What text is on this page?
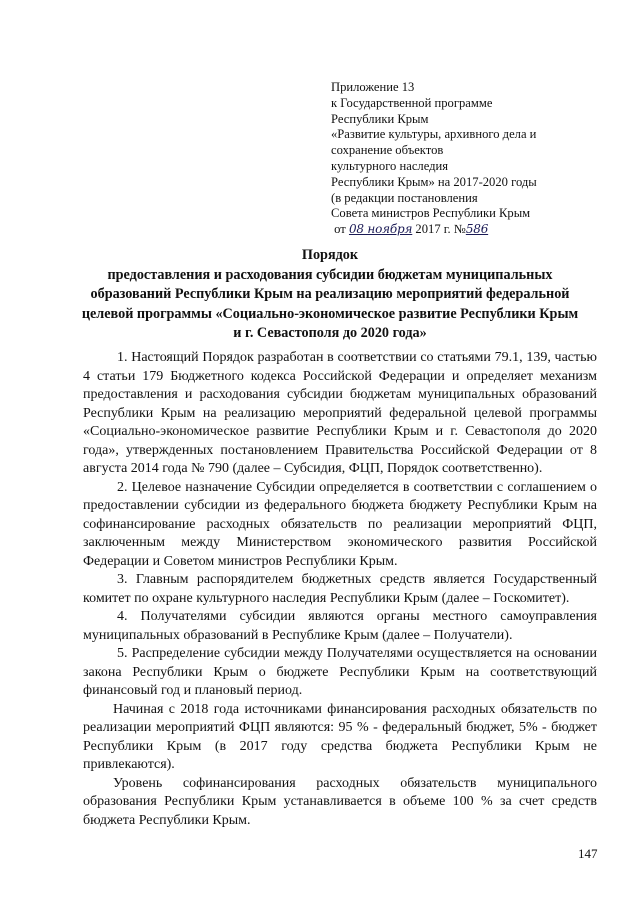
Приложение 13
к Государственной программе
Республики Крым
«Развитие культуры, архивного дела и
сохранение объектов
культурного наследия
Республики Крым» на 2017-2020 годы
(в редакции постановления
Совета министров Республики Крым
от 08 ноября 2017 г. №586
Порядок
предоставления и расходования субсидии бюджетам муниципальных образований Республики Крым на реализацию мероприятий федеральной целевой программы «Социально-экономическое развитие Республики Крым и г. Севастополя до 2020 года»

1. Настоящий Порядок разработан в соответствии со статьями 79.1, 139, частью 4 статьи 179 Бюджетного кодекса Российской Федерации и определяет механизм предоставления и расходования субсидии бюджетам муниципальных образований Республики Крым на реализацию мероприятий федеральной целевой программы «Социально-экономическое развитие Республики Крым и г. Севастополя до 2020 года», утвержденных постановлением Правительства Российской Федерации от 8 августа 2014 года № 790 (далее – Субсидия, ФЦП, Порядок соответственно).

2. Целевое назначение Субсидии определяется в соответствии с соглашением о предоставлении субсидии из федерального бюджета бюджету Республики Крым на софинансирование расходных обязательств по реализации мероприятий ФЦП, заключенным между Министерством экономического развития Российской Федерации и Советом министров Республики Крым.

3. Главным распорядителем бюджетных средств является Государственный комитет по охране культурного наследия Республики Крым (далее – Госкомитет).

4. Получателями субсидии являются органы местного самоуправления муниципальных образований в Республике Крым (далее – Получатели).

5. Распределение субсидии между Получателями осуществляется на основании закона Республики Крым о бюджете Республики Крым на соответствующий финансовый год и плановый период.

Начиная с 2018 года источниками финансирования расходных обязательств по реализации мероприятий ФЦП являются: 95 % - федеральный бюджет, 5% - бюджет Республики Крым (в 2017 году средства бюджета Республики Крым не привлекаются).

Уровень софинансирования расходных обязательств муниципального образования Республики Крым устанавливается в объеме 100 % за счет средств бюджета Республики Крым.

147
